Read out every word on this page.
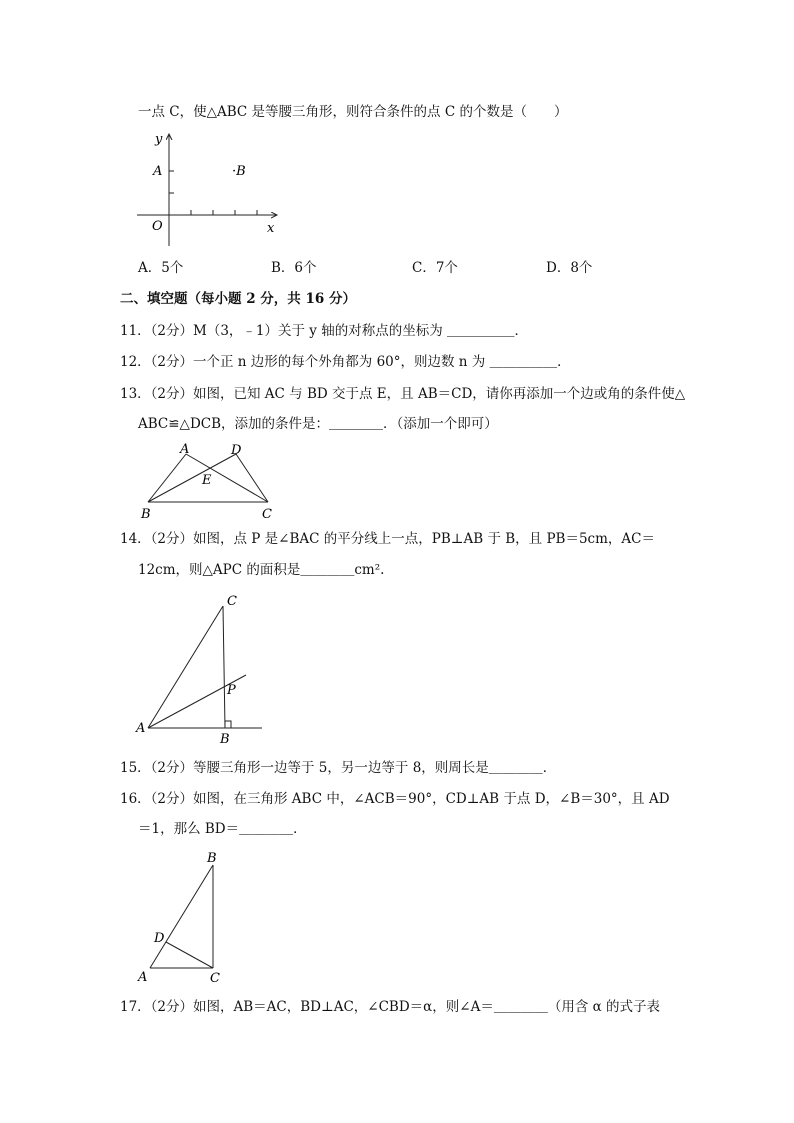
一点 C，使△ABC 是等腰三角形，则符合条件的点 C 的个数是（　　）
y
x
O
A	·B
A．5个	B．6个	C．7个	D．8个
二、填空题（每小题 2 分，共 16 分）
11．（2分）M（3，﹣1）关于 y 轴的对称点的坐标为 ＿＿＿＿＿．
12．（2分）一个正 n 边形的每个外角都为 60°，则边数 n 为 ＿＿＿＿＿．
13．（2分）如图，已知 AC 与 BD 交于点 E，且 AB＝CD，请你再添加一个边或角的条件使△
ABC≌△DCB，添加的条件是：＿＿＿＿．（添加一个即可）
A	D
E
B	C
14．（2分）如图，点 P 是∠BAC 的平分线上一点，PB⊥AB 于 B，且 PB＝5cm，AC＝
12cm，则△APC 的面积是＿＿＿＿cm².
C
P
A
B
15．（2分）等腰三角形一边等于 5，另一边等于 8，则周长是＿＿＿＿．
16．（2分）如图，在三角形 ABC 中，∠ACB＝90°，CD⊥AB 于点 D，∠B＝30°，且 AD
＝1，那么 BD＝＿＿＿＿．
B
D
A	C
17．（2分）如图，AB＝AC，BD⊥AC，∠CBD＝α，则∠A＝＿＿＿＿（用含 α 的式子表
